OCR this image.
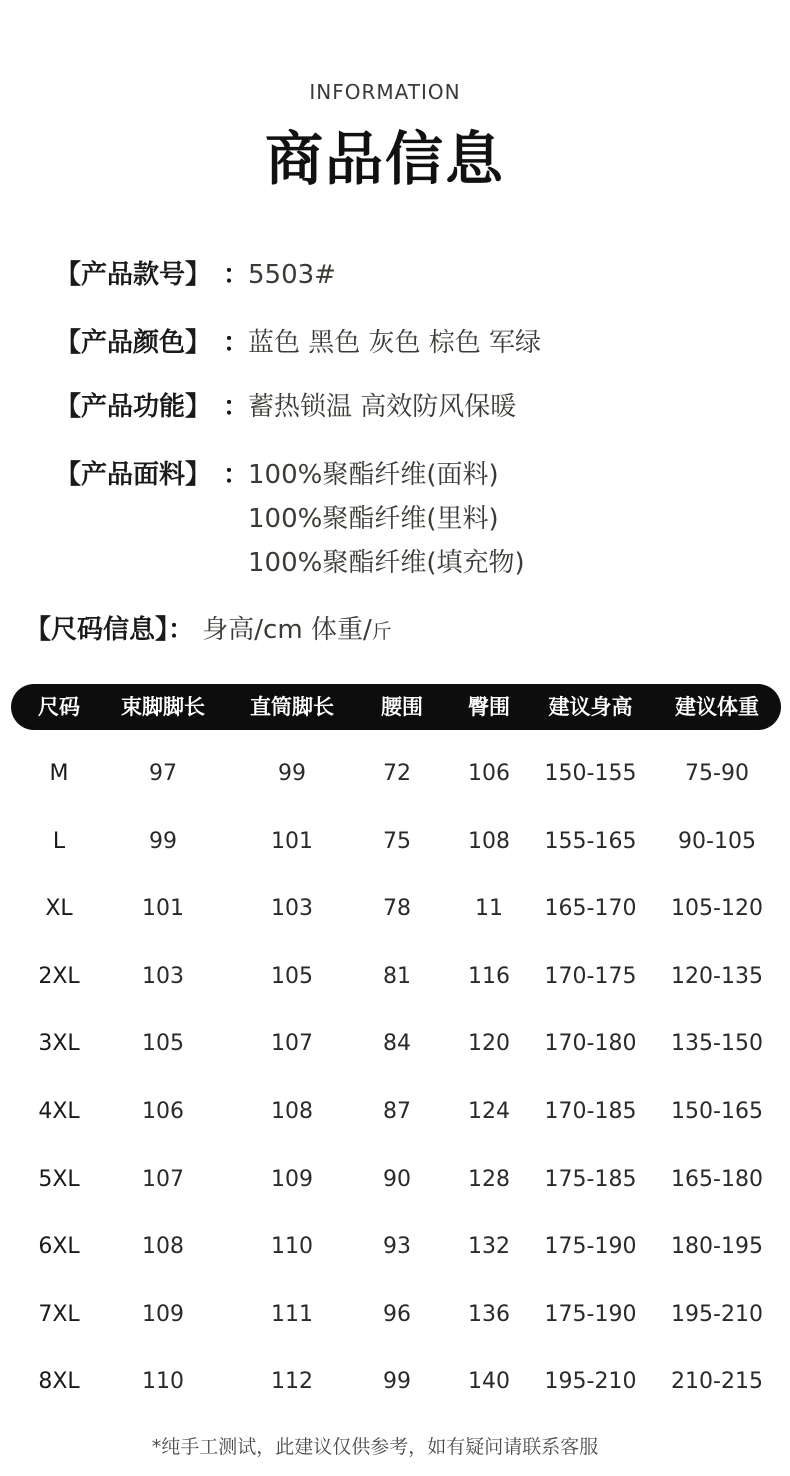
INFORMATION
商品信息
【产品款号】 ：
5503#
【产品颜色】 ：
蓝色 黑色 灰色 棕色 军绿
【产品功能】 ：
蓄热锁温 高效防风保暖
【产品面料】 ：
100%聚酯纤维(面料)
100%聚酯纤维(里料)
100%聚酯纤维(填充物)
【尺码信息】： 身高/cm 体重/斤
尺码	束脚脚长	直筒脚长	腰围	臀围	建议身高	建议体重
M	97	99	72	106	150-155	75-90
L	99	101	75	108	155-165	90-105
XL	101	103	78	11	165-170	105-120
2XL	103	105	81	116	170-175	120-135
3XL	105	107	84	120	170-180	135-150
4XL	106	108	87	124	170-185	150-165
5XL	107	109	90	128	175-185	165-180
6XL	108	110	93	132	175-190	180-195
7XL	109	111	96	136	175-190	195-210
8XL	110	112	99	140	195-210	210-215
*纯手工测试，此建议仅供参考，如有疑问请联系客服
